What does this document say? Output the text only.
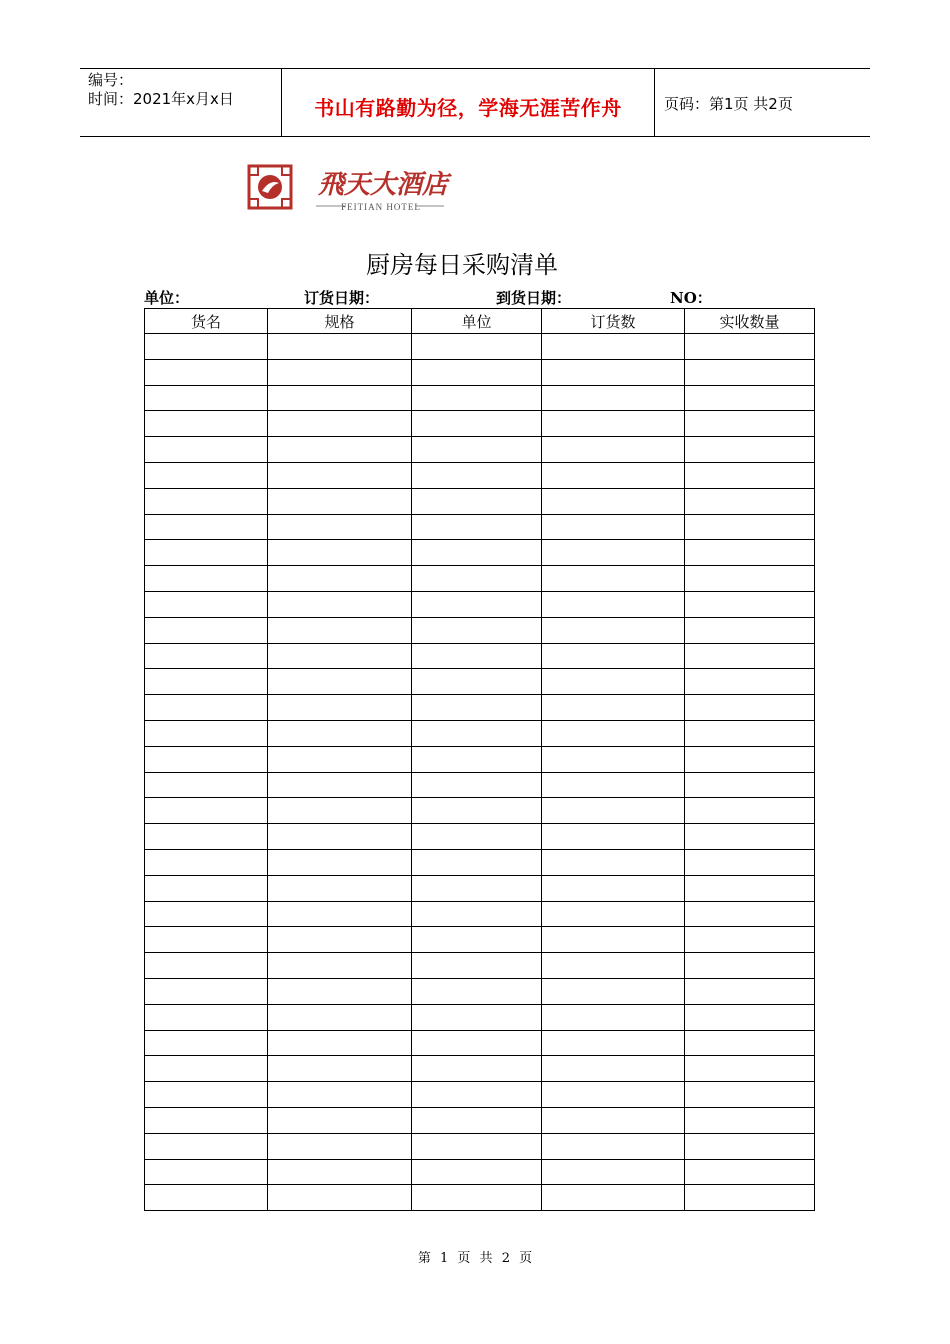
编号：
时间：2021年x月x日	书山有路勤为径，学海无涯苦作舟	页码：第1页 共2页
飛天大酒店
FEITIAN HOTEL
厨房每日采购清单
单位：	订货日期：	到货日期：	NO：
货名	规格	单位	订货数	实收数量

第 1 页 共 2 页
